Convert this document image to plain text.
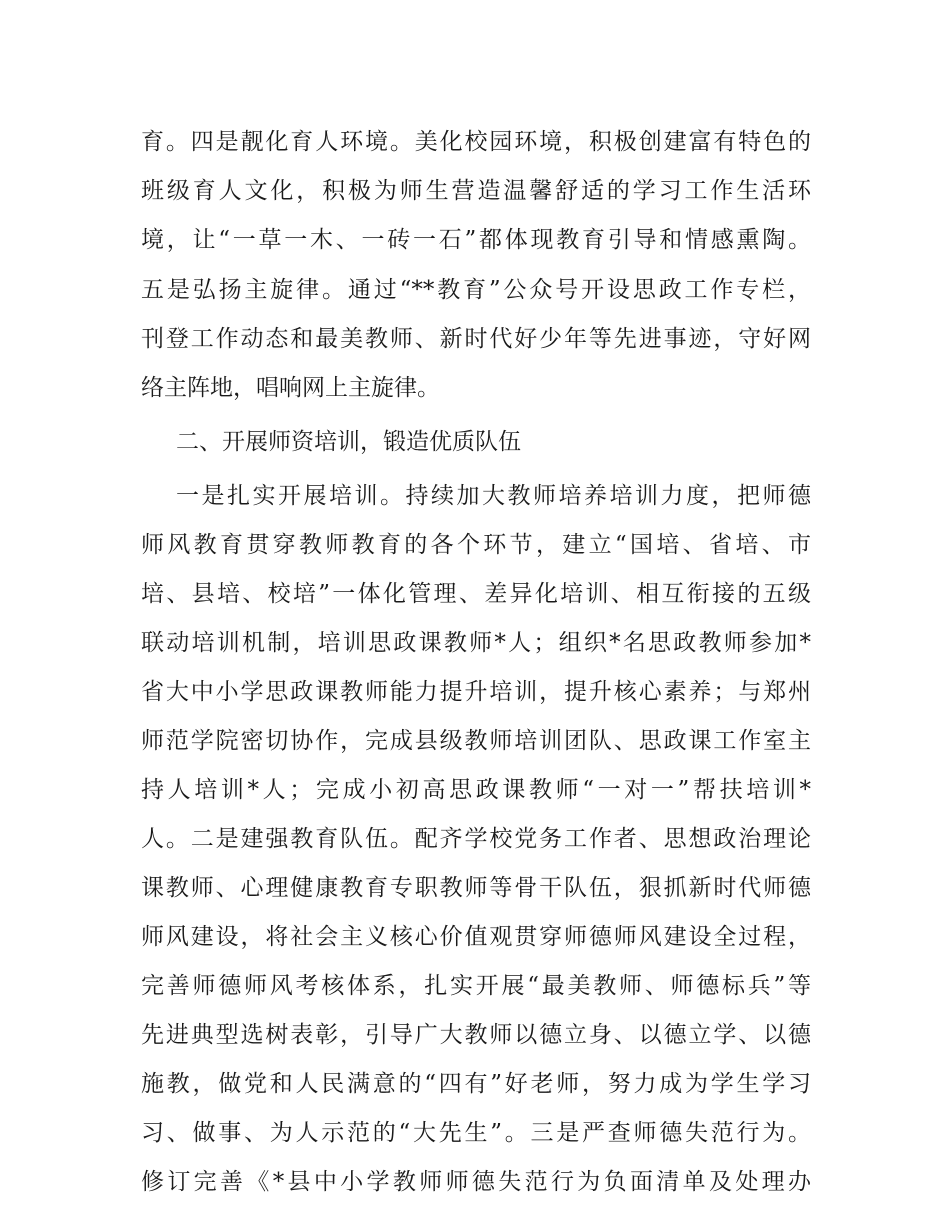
育。四是靓化育人环境。美化校园环境，积极创建富有特色的
班级育人文化，积极为师生营造温馨舒适的学习工作生活环
境，让“一草一木、一砖一石”都体现教育引导和情感熏陶。
五是弘扬主旋律。通过“**教育”公众号开设思政工作专栏，
刊登工作动态和最美教师、新时代好少年等先进事迹，守好网
络主阵地，唱响网上主旋律。
二、开展师资培训，锻造优质队伍
一是扎实开展培训。持续加大教师培养培训力度，把师德
师风教育贯穿教师教育的各个环节，建立“国培、省培、市
培、县培、校培”一体化管理、差异化培训、相互衔接的五级
联动培训机制，培训思政课教师*人；组织*名思政教师参加*
省大中小学思政课教师能力提升培训，提升核心素养；与郑州
师范学院密切协作，完成县级教师培训团队、思政课工作室主
持人培训*人；完成小初高思政课教师“一对一”帮扶培训*
人。二是建强教育队伍。配齐学校党务工作者、思想政治理论
课教师、心理健康教育专职教师等骨干队伍，狠抓新时代师德
师风建设，将社会主义核心价值观贯穿师德师风建设全过程，
完善师德师风考核体系，扎实开展“最美教师、师德标兵”等
先进典型选树表彰，引导广大教师以德立身、以德立学、以德
施教，做党和人民满意的“四有”好老师，努力成为学生学习
习、做事、为人示范的“大先生”。三是严查师德失范行为。
修订完善《*县中小学教师师德失范行为负面清单及处理办
